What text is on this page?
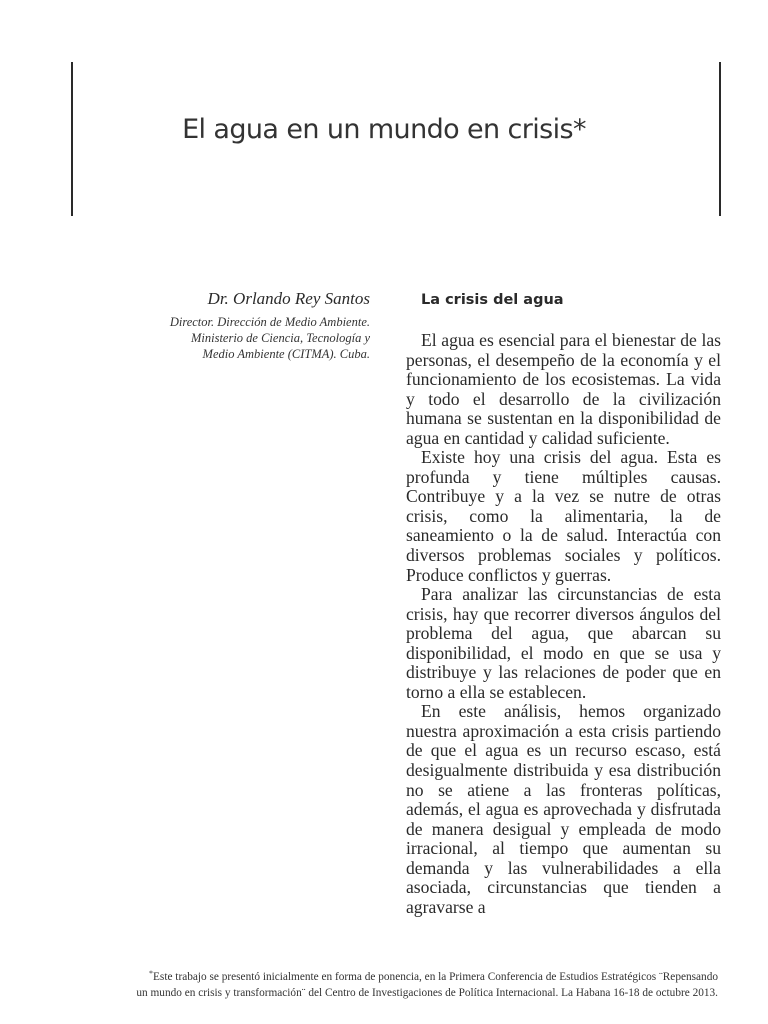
El agua en un mundo en crisis*
Dr. Orlando Rey Santos
Director. Dirección de Medio Ambiente.
Ministerio de Ciencia, Tecnología y
Medio Ambiente (CITMA). Cuba.
La crisis del agua

El agua es esencial para el bienestar de las personas, el desempeño de la economía y el funcionamiento de los ecosistemas. La vida y todo el desarrollo de la civilización humana se sustentan en la disponibilidad de agua en cantidad y calidad suficiente.

Existe hoy una crisis del agua. Esta es profunda y tiene múltiples causas. Contribuye y a la vez se nutre de otras crisis, como la alimentaria, la de saneamiento o la de salud. Interactúa con diversos problemas sociales y políticos. Produce conflictos y guerras.

Para analizar las circunstancias de esta crisis, hay que recorrer diversos ángulos del problema del agua, que abarcan su disponibilidad, el modo en que se usa y distribuye y las relaciones de poder que en torno a ella se establecen.

En este análisis, hemos organizado nuestra aproximación a esta crisis partiendo de que el agua es un recurso escaso, está desigualmente distribuida y esa distribución no se atiene a las fronteras políticas, además, el agua es aprovechada y disfrutada de manera desigual y empleada de modo irracional, al tiempo que aumentan su demanda y las vulnerabilidades a ella asociada, circunstancias que tienden a agravarse a

*Este trabajo se presentó inicialmente en forma de ponencia, en la Primera Conferencia de Estudios Estratégicos ¨Repensando
un mundo en crisis y transformación¨ del Centro de Investigaciones de Política Internacional. La Habana 16-18 de octubre 2013.
